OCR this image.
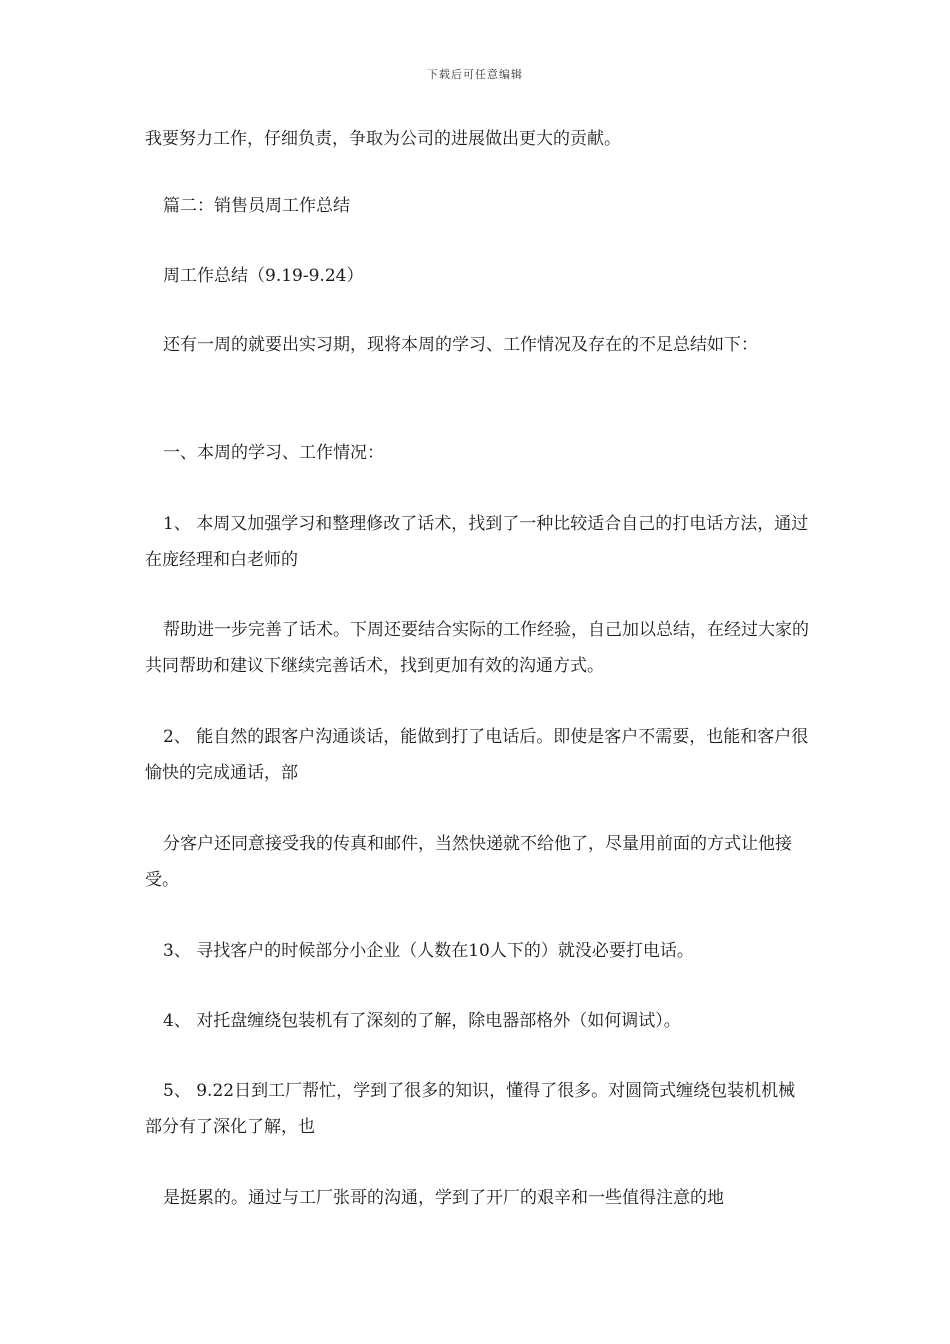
下载后可任意编辑

我要努力工作，仔细负责，争取为公司的进展做出更大的贡献。

篇二：销售员周工作总结

周工作总结（9.19-9.24）

还有一周的就要出实习期，现将本周的学习、工作情况及存在的不足总结如下：

一、本周的学习、工作情况：

1、 本周又加强学习和整理修改了话术，找到了一种比较适合自己的打电话方法，通过在庞经理和白老师的

帮助进一步完善了话术。下周还要结合实际的工作经验，自己加以总结，在经过大家的共同帮助和建议下继续完善话术，找到更加有效的沟通方式。

2、 能自然的跟客户沟通谈话，能做到打了电话后。即使是客户不需要，也能和客户很愉快的完成通话，部

分客户还同意接受我的传真和邮件，当然快递就不给他了，尽量用前面的方式让他接受。

3、 寻找客户的时候部分小企业（人数在10人下的）就没必要打电话。

4、 对托盘缠绕包装机有了深刻的了解，除电器部格外（如何调试）。

5、 9.22日到工厂帮忙，学到了很多的知识，懂得了很多。对圆筒式缠绕包装机机械部分有了深化了解，也

是挺累的。通过与工厂张哥的沟通，学到了开厂的艰辛和一些值得注意的地
